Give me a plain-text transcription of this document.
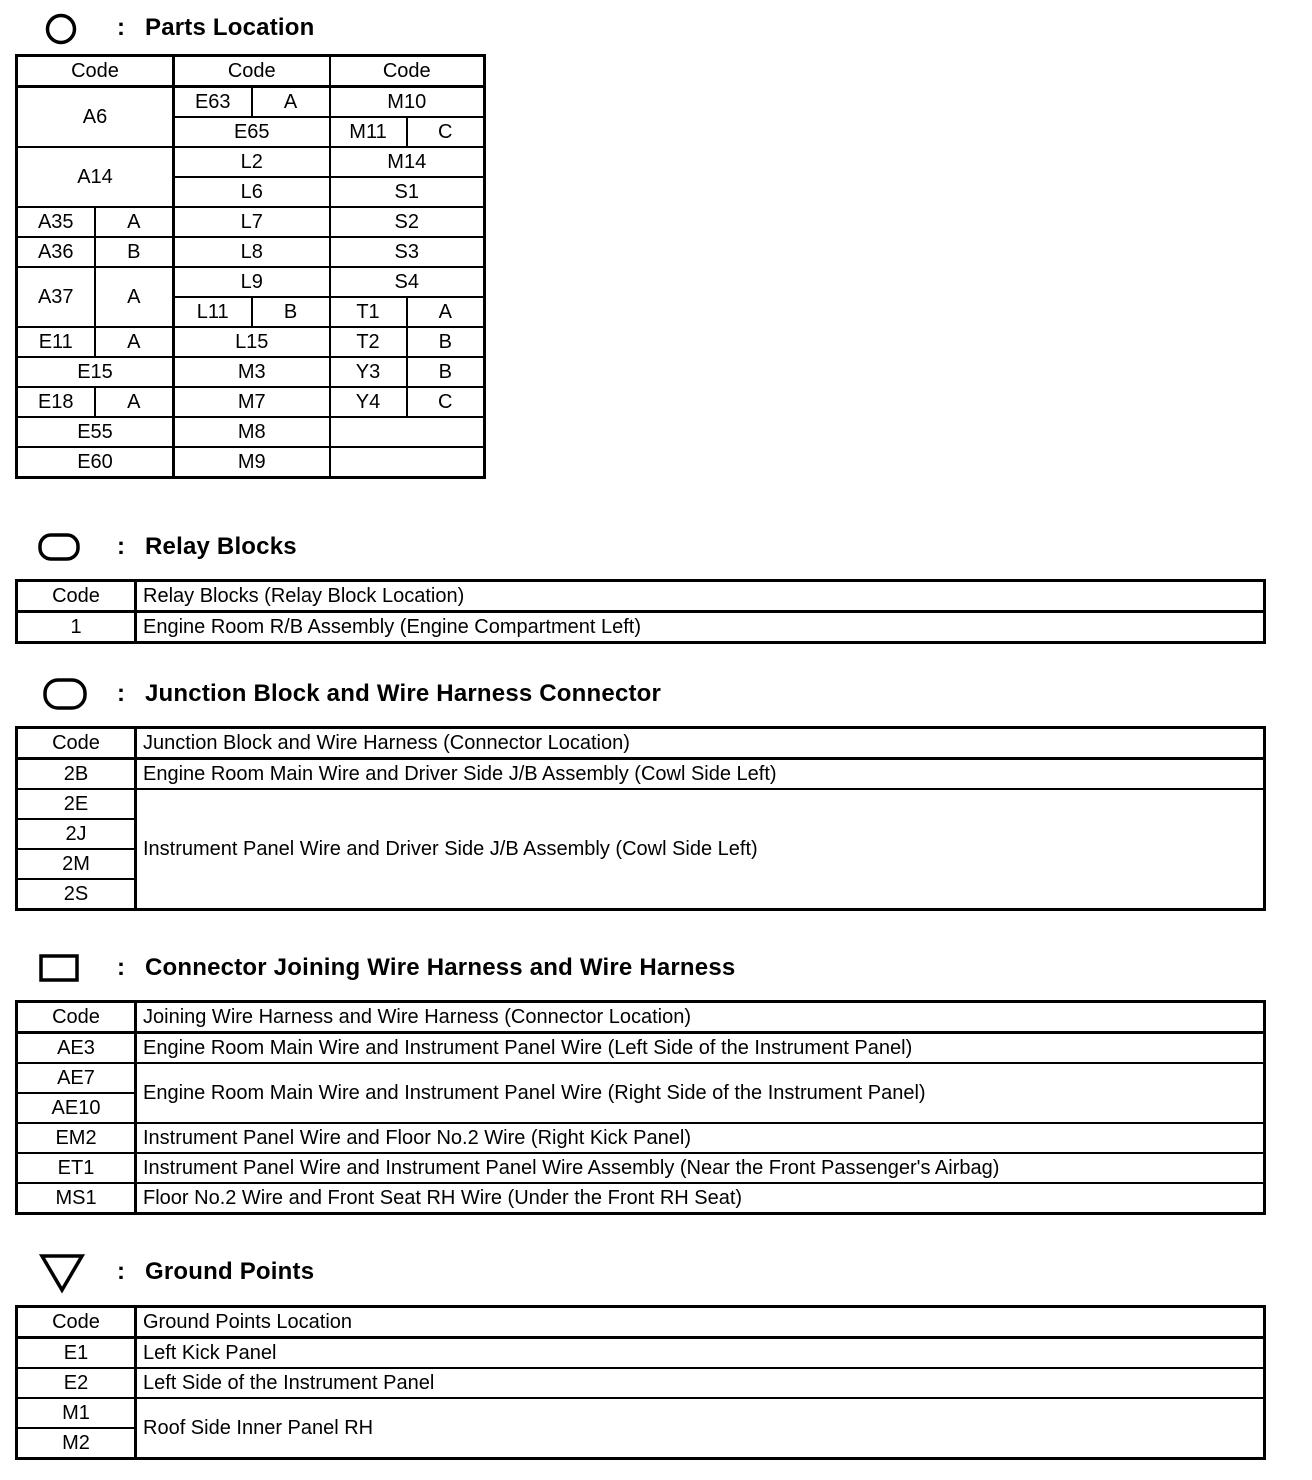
: Parts Location
Code		Code		Code	
A6		E63	A	M10	
		E65		M11	C
A14		L2		M14	
		L6		S1	
A35	A	L7		S2	
A36	B	L8		S3	
A37	A	L9		S4	
		L11	B	T1	A
E11	A	L15		T2	B
E15		M3		Y3	B
E18	A	M7		Y4	C
E55		M8			
E60		M9			
: Relay Blocks
Code	Relay Blocks (Relay Block Location)
1	Engine Room R/B Assembly (Engine Compartment Left)
: Junction Block and Wire Harness Connector
Code	Junction Block and Wire Harness (Connector Location)
2B	Engine Room Main Wire and Driver Side J/B Assembly (Cowl Side Left)
2E	Instrument Panel Wire and Driver Side J/B Assembly (Cowl Side Left)
2J	
2M	
2S	
: Connector Joining Wire Harness and Wire Harness
Code	Joining Wire Harness and Wire Harness (Connector Location)
AE3	Engine Room Main Wire and Instrument Panel Wire (Left Side of the Instrument Panel)
AE7	Engine Room Main Wire and Instrument Panel Wire (Right Side of the Instrument Panel)
AE10	
EM2	Instrument Panel Wire and Floor No.2 Wire (Right Kick Panel)
ET1	Instrument Panel Wire and Instrument Panel Wire Assembly (Near the Front Passenger's Airbag)
MS1	Floor No.2 Wire and Front Seat RH Wire (Under the Front RH Seat)
: Ground Points
Code	Ground Points Location
E1	Left Kick Panel
E2	Left Side of the Instrument Panel
M1	Roof Side Inner Panel RH
M2	
